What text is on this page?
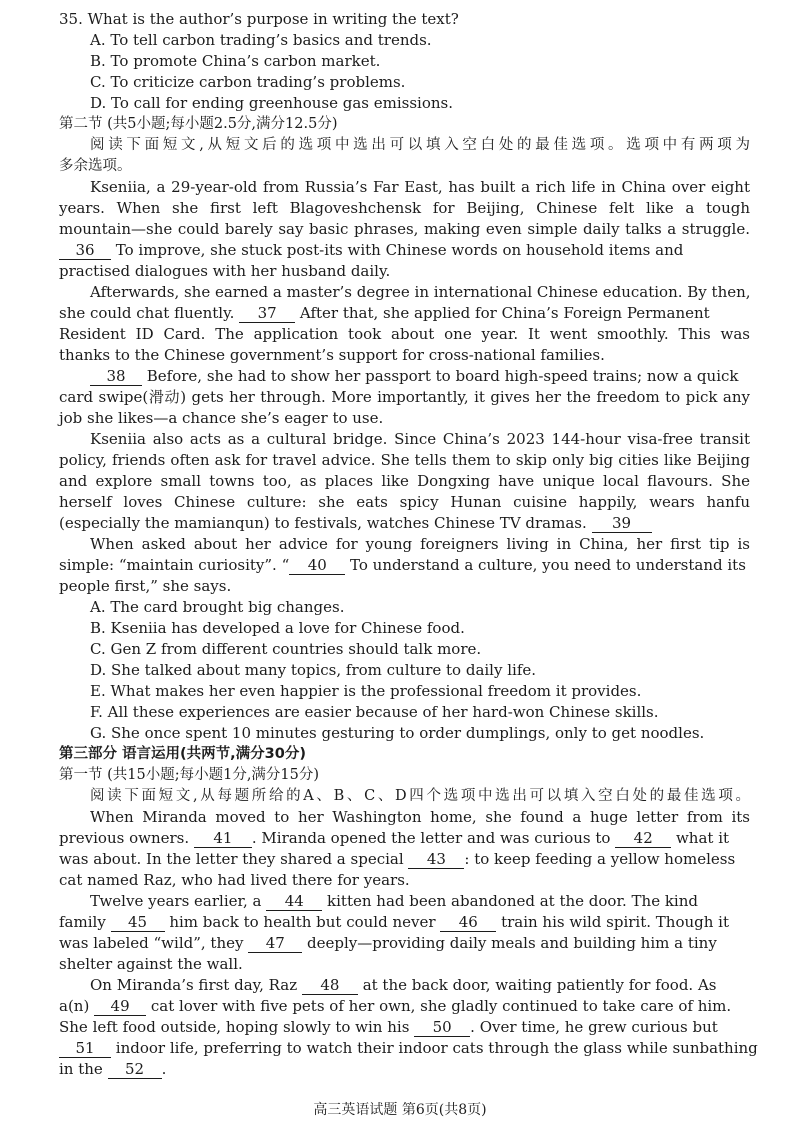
35. What is the author’s purpose in writing the text?
A. To tell carbon trading’s basics and trends.
B. To promote China’s carbon market.
C. To criticize carbon trading’s problems.
D. To call for ending greenhouse gas emissions.
第二节 (共5小题;每小题2.5分,满分12.5分)
阅读下面短文,从短文后的选项中选出可以填入空白处的最佳选项。选项中有两项为
多余选项。
Kseniia, a 29-year-old from Russia’s Far East, has built a rich life in China over eight
years. When she first left Blagoveshchensk for Beijing, Chinese felt like a tough
mountain—she could barely say basic phrases, making even simple daily talks a struggle.
36 To improve, she stuck post-its with Chinese words on household items and
practised dialogues with her husband daily.
Afterwards, she earned a master’s degree in international Chinese education. By then,
she could chat fluently. 37 After that, she applied for China’s Foreign Permanent
Resident ID Card. The application took about one year. It went smoothly. This was
thanks to the Chinese government’s support for cross-national families.
38 Before, she had to show her passport to board high-speed trains; now a quick
card swipe(滑动) gets her through. More importantly, it gives her the freedom to pick any
job she likes—a chance she’s eager to use.
Kseniia also acts as a cultural bridge. Since China’s 2023 144-hour visa-free transit
policy, friends often ask for travel advice. She tells them to skip only big cities like Beijing
and explore small towns too, as places like Dongxing have unique local flavours. She
herself loves Chinese culture: she eats spicy Hunan cuisine happily, wears hanfu
(especially the mamianqun) to festivals, watches Chinese TV dramas. 39
When asked about her advice for young foreigners living in China, her first tip is
simple: “maintain curiosity”. “ 40 To understand a culture, you need to understand its
people first,” she says.
A. The card brought big changes.
B. Kseniia has developed a love for Chinese food.
C. Gen Z from different countries should talk more.
D. She talked about many topics, from culture to daily life.
E. What makes her even happier is the professional freedom it provides.
F. All these experiences are easier because of her hard-won Chinese skills.
G. She once spent 10 minutes gesturing to order dumplings, only to get noodles.
第三部分 语言运用(共两节,满分30分)
第一节 (共15小题;每小题1分,满分15分)
阅读下面短文,从每题所给的A、B、C、D四个选项中选出可以填入空白处的最佳选项。
When Miranda moved to her Washington home, she found a huge letter from its
previous owners. 41 . Miranda opened the letter and was curious to 42 what it
was about. In the letter they shared a special 43 : to keep feeding a yellow homeless
cat named Raz, who had lived there for years.
Twelve years earlier, a 44 kitten had been abandoned at the door. The kind
family 45 him back to health but could never 46 train his wild spirit. Though it
was labeled “wild”, they 47 deeply—providing daily meals and building him a tiny
shelter against the wall.
On Miranda’s first day, Raz 48 at the back door, waiting patiently for food. As
a(n) 49 cat lover with five pets of her own, she gladly continued to take care of him.
She left food outside, hoping slowly to win his 50 . Over time, he grew curious but
51 indoor life, preferring to watch their indoor cats through the glass while sunbathing
in the 52 .
高三英语试题 第6页(共8页)
